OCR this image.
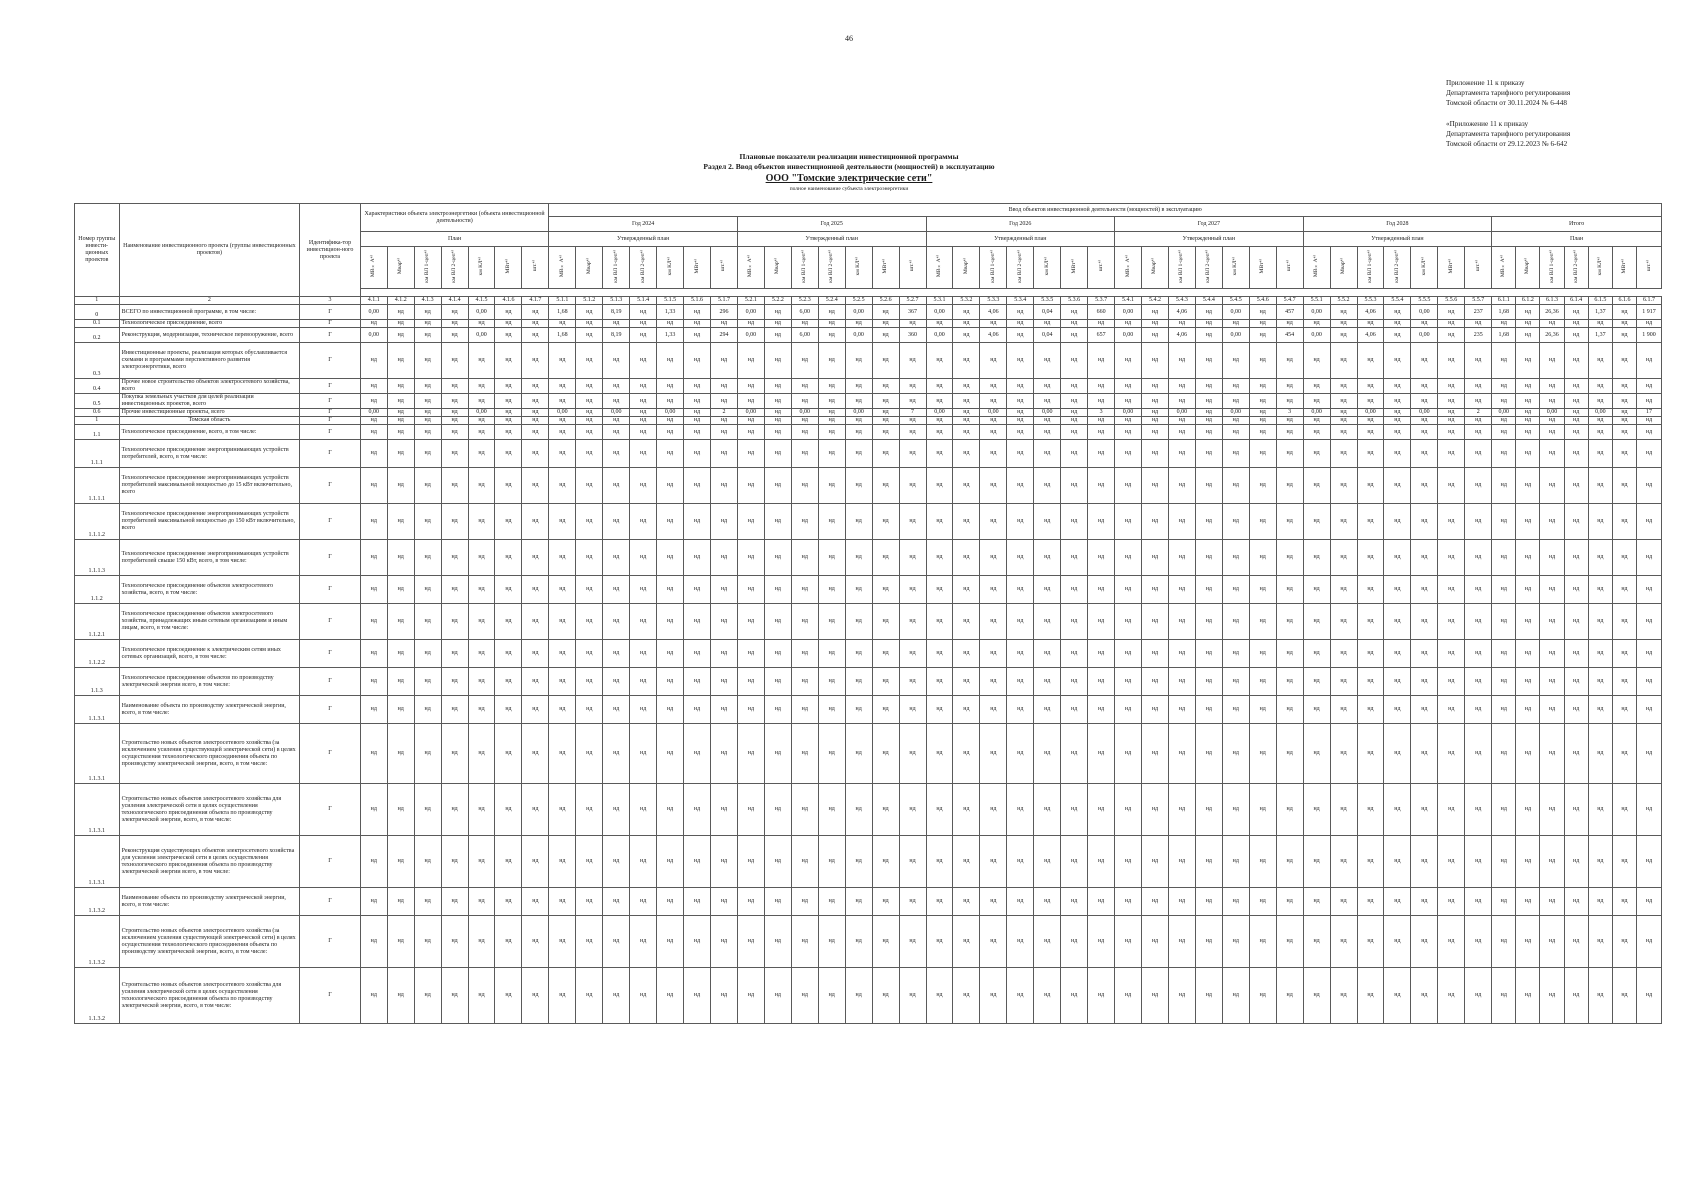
46
Приложение 11 к приказу
Департамента тарифного регулирования
Томской области от 30.11.2024 № 6-448
«Приложение 11 к приказу
Департамента тарифного регулирования
Томской области от 29.12.2023 № 6-642
Плановые показатели реализации инвестиционной программы
Раздел 2. Ввод объектов инвестиционной деятельности (мощностей) в эксплуатацию
ООО "Томские электрические сети"
полное наименование субъекта электроэнергетики
Номер группы инвести-ционных проектов	Наименование инвестиционного проекта (группы инвестиционных проектов)	Идентифика-тор инвестицион-ного проекта	Характеристики объекта электроэнергетики (объекта инвестиционной деятельности)							Ввод объектов инвестиционной деятельности (мощностей) в эксплуатацию																																									
										Год 2024							Год 2025							Год 2026							Год 2027							Год 2028							Итого						
			План							Утвержденный план							Утвержденный план							Утвержденный план							Утвержденный план							Утвержденный план							План						
			МВ×А⁴⁾	Мвар⁴⁾	км ВЛ 1-цеп⁴⁾	км ВЛ 2-цеп⁴⁾	км КЛ⁴⁾	МВт⁴⁾	шт.⁴⁾	МВ×А⁴⁾	Мвар⁴⁾	км ВЛ 1-цеп⁴⁾	км ВЛ 2-цеп⁴⁾	км КЛ⁴⁾	МВт⁴⁾	шт.⁴⁾	МВ×А⁴⁾	Мвар⁴⁾	км ВЛ 1-цеп⁴⁾	км ВЛ 2-цеп⁴⁾	км КЛ⁴⁾	МВт⁴⁾	шт.⁴⁾	МВ×А⁴⁾	Мвар⁴⁾	км ВЛ 1-цеп⁴⁾	км ВЛ 2-цеп⁴⁾	км КЛ⁴⁾	МВт⁴⁾	шт.⁴⁾	МВ×А⁴⁾	Мвар⁴⁾	км ВЛ 1-цеп⁴⁾	км ВЛ 2-цеп⁴⁾	км КЛ⁴⁾	МВт⁴⁾	шт.⁴⁾	МВ×А⁴⁾	Мвар⁴⁾	км ВЛ 1-цеп⁴⁾	км ВЛ 2-цеп⁴⁾	км КЛ⁴⁾	МВт⁴⁾	шт.⁴⁾	МВ×А⁴⁾	Мвар⁴⁾	км ВЛ 1-цеп⁴⁾	км ВЛ 2-цеп⁴⁾	км КЛ⁴⁾	МВт⁴⁾	шт.⁴⁾

1	2	3	4.1.1	4.1.2	4.1.3	4.1.4	4.1.5	4.1.6	4.1.7	5.1.1	5.1.2	5.1.3	5.1.4	5.1.5	5.1.6	5.1.7	5.2.1	5.2.2	5.2.3	5.2.4	5.2.5	5.2.6	5.2.7	5.3.1	5.3.2	5.3.3	5.3.4	5.3.5	5.3.6	5.3.7	5.4.1	5.4.2	5.4.3	5.4.4	5.4.5	5.4.6	5.4.7	5.5.1	5.5.2	5.5.3	5.5.4	5.5.5	5.5.6	5.5.7	6.1.1	6.1.2	6.1.3	6.1.4	6.1.5	6.1.6	6.1.7
0	ВСЕГО по инвестиционной программе, в том числе:	Г	0,00	нд	нд	нд	0,00	нд	нд	1,68	нд	8,19	нд	1,33	нд	296	0,00	нд	6,00	нд	0,00	нд	367	0,00	нд	4,06	нд	0,04	нд	660	0,00	нд	4,06	нд	0,00	нд	457	0,00	нд	4,06	нд	0,00	нд	237	1,68	нд	26,36	нд	1,37	нд	1 917
0.1	Технологическое присоединение, всего	Г	нд	нд	нд	нд	нд	нд	нд	нд	нд	нд	нд	нд	нд	нд	нд	нд	нд	нд	нд	нд	нд	нд	нд	нд	нд	нд	нд	нд	нд	нд	нд	нд	нд	нд	нд	нд	нд	нд	нд	нд	нд	нд	нд	нд	нд	нд	нд	нд	нд
0.2	Реконструкция, модернизация, техническое перевооружение, всего	Г	0,00	нд	нд	нд	0,00	нд	нд	1,68	нд	8,19	нд	1,33	нд	294	0,00	нд	6,00	нд	0,00	нд	360	0,00	нд	4,06	нд	0,04	нд	657	0,00	нд	4,06	нд	0,00	нд	454	0,00	нд	4,06	нд	0,00	нд	235	1,68	нд	26,36	нд	1,37	нд	1 900
0.3	Инвестиционные проекты, реализация которых обуславливается схемами и программами перспективного развития электроэнергетики, всего	Г	нд	нд	нд	нд	нд	нд	нд	нд	нд	нд	нд	нд	нд	нд	нд	нд	нд	нд	нд	нд	нд	нд	нд	нд	нд	нд	нд	нд	нд	нд	нд	нд	нд	нд	нд	нд	нд	нд	нд	нд	нд	нд	нд	нд	нд	нд	нд	нд	нд
0.4	Прочее новое строительство объектов электросетевого хозяйства, всего	Г	нд	нд	нд	нд	нд	нд	нд	нд	нд	нд	нд	нд	нд	нд	нд	нд	нд	нд	нд	нд	нд	нд	нд	нд	нд	нд	нд	нд	нд	нд	нд	нд	нд	нд	нд	нд	нд	нд	нд	нд	нд	нд	нд	нд	нд	нд	нд	нд	нд
0.5	Покупка земельных участков для целей реализации инвестиционных проектов, всего	Г	нд	нд	нд	нд	нд	нд	нд	нд	нд	нд	нд	нд	нд	нд	нд	нд	нд	нд	нд	нд	нд	нд	нд	нд	нд	нд	нд	нд	нд	нд	нд	нд	нд	нд	нд	нд	нд	нд	нд	нд	нд	нд	нд	нд	нд	нд	нд	нд	нд
0.6	Прочие инвестиционные проекты, всего	Г	0,00	нд	нд	нд	0,00	нд	нд	0,00	нд	0,00	нд	0,00	нд	2	0,00	нд	0,00	нд	0,00	нд	7	0,00	нд	0,00	нд	0,00	нд	3	0,00	нд	0,00	нд	0,00	нд	3	0,00	нд	0,00	нд	0,00	нд	2	0,00	нд	0,00	нд	0,00	нд	17
1	Томская область	Г	нд	нд	нд	нд	нд	нд	нд	нд	нд	нд	нд	нд	нд	нд	нд	нд	нд	нд	нд	нд	нд	нд	нд	нд	нд	нд	нд	нд	нд	нд	нд	нд	нд	нд	нд	нд	нд	нд	нд	нд	нд	нд	нд	нд	нд	нд	нд	нд	нд
1.1	Технологическое присоединение, всего, в том числе:	Г	нд	нд	нд	нд	нд	нд	нд	нд	нд	нд	нд	нд	нд	нд	нд	нд	нд	нд	нд	нд	нд	нд	нд	нд	нд	нд	нд	нд	нд	нд	нд	нд	нд	нд	нд	нд	нд	нд	нд	нд	нд	нд	нд	нд	нд	нд	нд	нд	нд
1.1.1	Технологическое присоединение энергопринимающих устройств потребителей, всего, в том числе:	Г	нд	нд	нд	нд	нд	нд	нд	нд	нд	нд	нд	нд	нд	нд	нд	нд	нд	нд	нд	нд	нд	нд	нд	нд	нд	нд	нд	нд	нд	нд	нд	нд	нд	нд	нд	нд	нд	нд	нд	нд	нд	нд	нд	нд	нд	нд	нд	нд	нд
1.1.1.1	Технологическое присоединение энергопринимающих устройств потребителей максимальной мощностью до 15 кВт включительно, всего	Г	нд	нд	нд	нд	нд	нд	нд	нд	нд	нд	нд	нд	нд	нд	нд	нд	нд	нд	нд	нд	нд	нд	нд	нд	нд	нд	нд	нд	нд	нд	нд	нд	нд	нд	нд	нд	нд	нд	нд	нд	нд	нд	нд	нд	нд	нд	нд	нд	нд
1.1.1.2	Технологическое присоединение энергопринимающих устройств потребителей максимальной мощностью до 150 кВт включительно, всего	Г	нд	нд	нд	нд	нд	нд	нд	нд	нд	нд	нд	нд	нд	нд	нд	нд	нд	нд	нд	нд	нд	нд	нд	нд	нд	нд	нд	нд	нд	нд	нд	нд	нд	нд	нд	нд	нд	нд	нд	нд	нд	нд	нд	нд	нд	нд	нд	нд	нд
1.1.1.3	Технологическое присоединение энергопринимающих устройств потребителей свыше 150 кВт, всего, в том числе:	Г	нд	нд	нд	нд	нд	нд	нд	нд	нд	нд	нд	нд	нд	нд	нд	нд	нд	нд	нд	нд	нд	нд	нд	нд	нд	нд	нд	нд	нд	нд	нд	нд	нд	нд	нд	нд	нд	нд	нд	нд	нд	нд	нд	нд	нд	нд	нд	нд	нд
1.1.2	Технологическое присоединение объектов электросетевого хозяйства, всего, в том числе:	Г	нд	нд	нд	нд	нд	нд	нд	нд	нд	нд	нд	нд	нд	нд	нд	нд	нд	нд	нд	нд	нд	нд	нд	нд	нд	нд	нд	нд	нд	нд	нд	нд	нд	нд	нд	нд	нд	нд	нд	нд	нд	нд	нд	нд	нд	нд	нд	нд	нд
1.1.2.1	Технологическое присоединение объектов электросетевого хозяйства, принадлежащих иным сетевым организациям и иным лицам, всего, в том числе:	Г	нд	нд	нд	нд	нд	нд	нд	нд	нд	нд	нд	нд	нд	нд	нд	нд	нд	нд	нд	нд	нд	нд	нд	нд	нд	нд	нд	нд	нд	нд	нд	нд	нд	нд	нд	нд	нд	нд	нд	нд	нд	нд	нд	нд	нд	нд	нд	нд	нд
1.1.2.2	Технологическое присоединение к электрическим сетям иных сетевых организаций, всего, в том числе:	Г	нд	нд	нд	нд	нд	нд	нд	нд	нд	нд	нд	нд	нд	нд	нд	нд	нд	нд	нд	нд	нд	нд	нд	нд	нд	нд	нд	нд	нд	нд	нд	нд	нд	нд	нд	нд	нд	нд	нд	нд	нд	нд	нд	нд	нд	нд	нд	нд	нд
1.1.3	Технологическое присоединение объектов по производству электрической энергии всего, в том числе:	Г	нд	нд	нд	нд	нд	нд	нд	нд	нд	нд	нд	нд	нд	нд	нд	нд	нд	нд	нд	нд	нд	нд	нд	нд	нд	нд	нд	нд	нд	нд	нд	нд	нд	нд	нд	нд	нд	нд	нд	нд	нд	нд	нд	нд	нд	нд	нд	нд	нд
1.1.3.1	Наименование объекта по производству электрической энергии, всего, в том числе:	Г	нд	нд	нд	нд	нд	нд	нд	нд	нд	нд	нд	нд	нд	нд	нд	нд	нд	нд	нд	нд	нд	нд	нд	нд	нд	нд	нд	нд	нд	нд	нд	нд	нд	нд	нд	нд	нд	нд	нд	нд	нд	нд	нд	нд	нд	нд	нд	нд	нд
1.1.3.1	Строительство новых объектов электросетевого хозяйства (за исключением усиления существующей электрической сети) в целях осуществления технологического присоединения объекта по производству электрической энергии, всего, в том числе:	Г	нд	нд	нд	нд	нд	нд	нд	нд	нд	нд	нд	нд	нд	нд	нд	нд	нд	нд	нд	нд	нд	нд	нд	нд	нд	нд	нд	нд	нд	нд	нд	нд	нд	нд	нд	нд	нд	нд	нд	нд	нд	нд	нд	нд	нд	нд	нд	нд	нд
1.1.3.1	Строительство новых объектов электросетевого хозяйства для усиления электрической сети в целях осуществления технологического присоединения объекта по производству электрической энергии, всего, в том числе:	Г	нд	нд	нд	нд	нд	нд	нд	нд	нд	нд	нд	нд	нд	нд	нд	нд	нд	нд	нд	нд	нд	нд	нд	нд	нд	нд	нд	нд	нд	нд	нд	нд	нд	нд	нд	нд	нд	нд	нд	нд	нд	нд	нд	нд	нд	нд	нд	нд	нд
1.1.3.1	Реконструкция существующих объектов электросетевого хозяйства для усиления электрической сети в целях осуществления технологического присоединения объекта по производству электрической энергии всего, в том числе:	Г	нд	нд	нд	нд	нд	нд	нд	нд	нд	нд	нд	нд	нд	нд	нд	нд	нд	нд	нд	нд	нд	нд	нд	нд	нд	нд	нд	нд	нд	нд	нд	нд	нд	нд	нд	нд	нд	нд	нд	нд	нд	нд	нд	нд	нд	нд	нд	нд	нд
1.1.3.2	Наименование объекта по производству электрической энергии, всего, в том числе:	Г	нд	нд	нд	нд	нд	нд	нд	нд	нд	нд	нд	нд	нд	нд	нд	нд	нд	нд	нд	нд	нд	нд	нд	нд	нд	нд	нд	нд	нд	нд	нд	нд	нд	нд	нд	нд	нд	нд	нд	нд	нд	нд	нд	нд	нд	нд	нд	нд	нд
1.1.3.2	Строительство новых объектов электросетевого хозяйства (за исключением усиления существующей электрической сети) в целях осуществления технологического присоединения объекта по производству электрической энергии, всего, в том числе:	Г	нд	нд	нд	нд	нд	нд	нд	нд	нд	нд	нд	нд	нд	нд	нд	нд	нд	нд	нд	нд	нд	нд	нд	нд	нд	нд	нд	нд	нд	нд	нд	нд	нд	нд	нд	нд	нд	нд	нд	нд	нд	нд	нд	нд	нд	нд	нд	нд	нд
1.1.3.2	Строительство новых объектов электросетевого хозяйства для усиления электрической сети в целях осуществления технологического присоединения объекта по производству электрической энергии, всего, в том числе:	Г	нд	нд	нд	нд	нд	нд	нд	нд	нд	нд	нд	нд	нд	нд	нд	нд	нд	нд	нд	нд	нд	нд	нд	нд	нд	нд	нд	нд	нд	нд	нд	нд	нд	нд	нд	нд	нд	нд	нд	нд	нд	нд	нд	нд	нд	нд	нд	нд	нд
